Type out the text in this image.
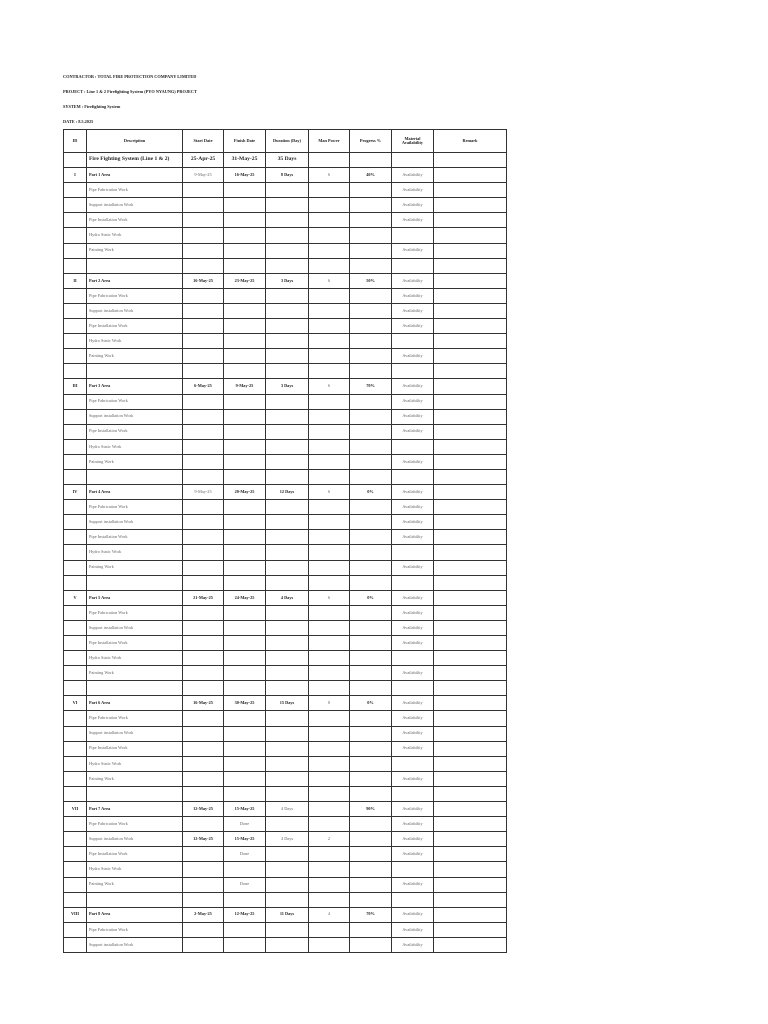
CONTRACTOR : TOTAL FIRE PROTECTION COMPANY LIMITED
PROJECT : Line 1 & 2 Firefighting System (PYO NYAUNG) PROJECT
SYSTEM : Firefighting System
DATE : 8.5.2025
ID	Description	Start Date	Finish Date	Duration (Day)	Man Power	Progress %	Material Availability	Remark
	Fire Fighting System (Line 1 & 2)	25-Apr-25	31-May-25	35 Days				
I	Part 1 Area	9-May-25	16-May-25	8 Days	6	40%	Availability	
	Pipe Fabrication Work						Availability	
	Support installation Work						Availability	
	Pipe Installation Work						Availability	
	Hydro Static Work							
	Painting Work						Availability	

II	Part 2 Area	16-May-25	23-May-25	3 Days	6	50%	Availability	
	Pipe Fabrication Work						Availability	
	Support installation Work						Availability	
	Pipe Installation Work						Availability	
	Hydro Static Work							
	Painting Work						Availability	

III	Part 3 Area	6-May-25	9-May-25	3 Days	6	70%	Availability	
	Pipe Fabrication Work						Availability	
	Support installation Work						Availability	
	Pipe Installation Work						Availability	
	Hydro Static Work							
	Painting Work						Availability	

IV	Part 4 Area	9-May-25	20-May-25	12 Days	6	0%	Availability	
	Pipe Fabrication Work						Availability	
	Support installation Work						Availability	
	Pipe Installation Work						Availability	
	Hydro Static Work							
	Painting Work						Availability	

V	Part 5 Area	21-May-25	24-May-25	4 Days	6	0%	Availability	
	Pipe Fabrication Work						Availability	
	Support installation Work						Availability	
	Pipe Installation Work						Availability	
	Hydro Static Work							
	Painting Work						Availability	

VI	Part 6 Area	16-May-25	30-May-25	15 Days	8	0%	Availability	
	Pipe Fabrication Work						Availability	
	Support installation Work						Availability	
	Pipe Installation Work						Availability	
	Hydro Static Work							
	Painting Work						Availability	

VII	Part 7 Area	12-May-25	15-May-25	4 Days		90%	Availability	
	Pipe Fabrication Work		Done				Availability	
	Support installation Work	12-May-25	15-May-25	4 Days	2		Availability	
	Pipe Installation Work		Done				Availability	
	Hydro Static Work							
	Painting Work		Done				Availability	

VIII	Part 8 Area	2-May-25	12-May-25	11 Days	4	70%	Availability	
	Pipe Fabrication Work						Availability	
	Support installation Work						Availability	
